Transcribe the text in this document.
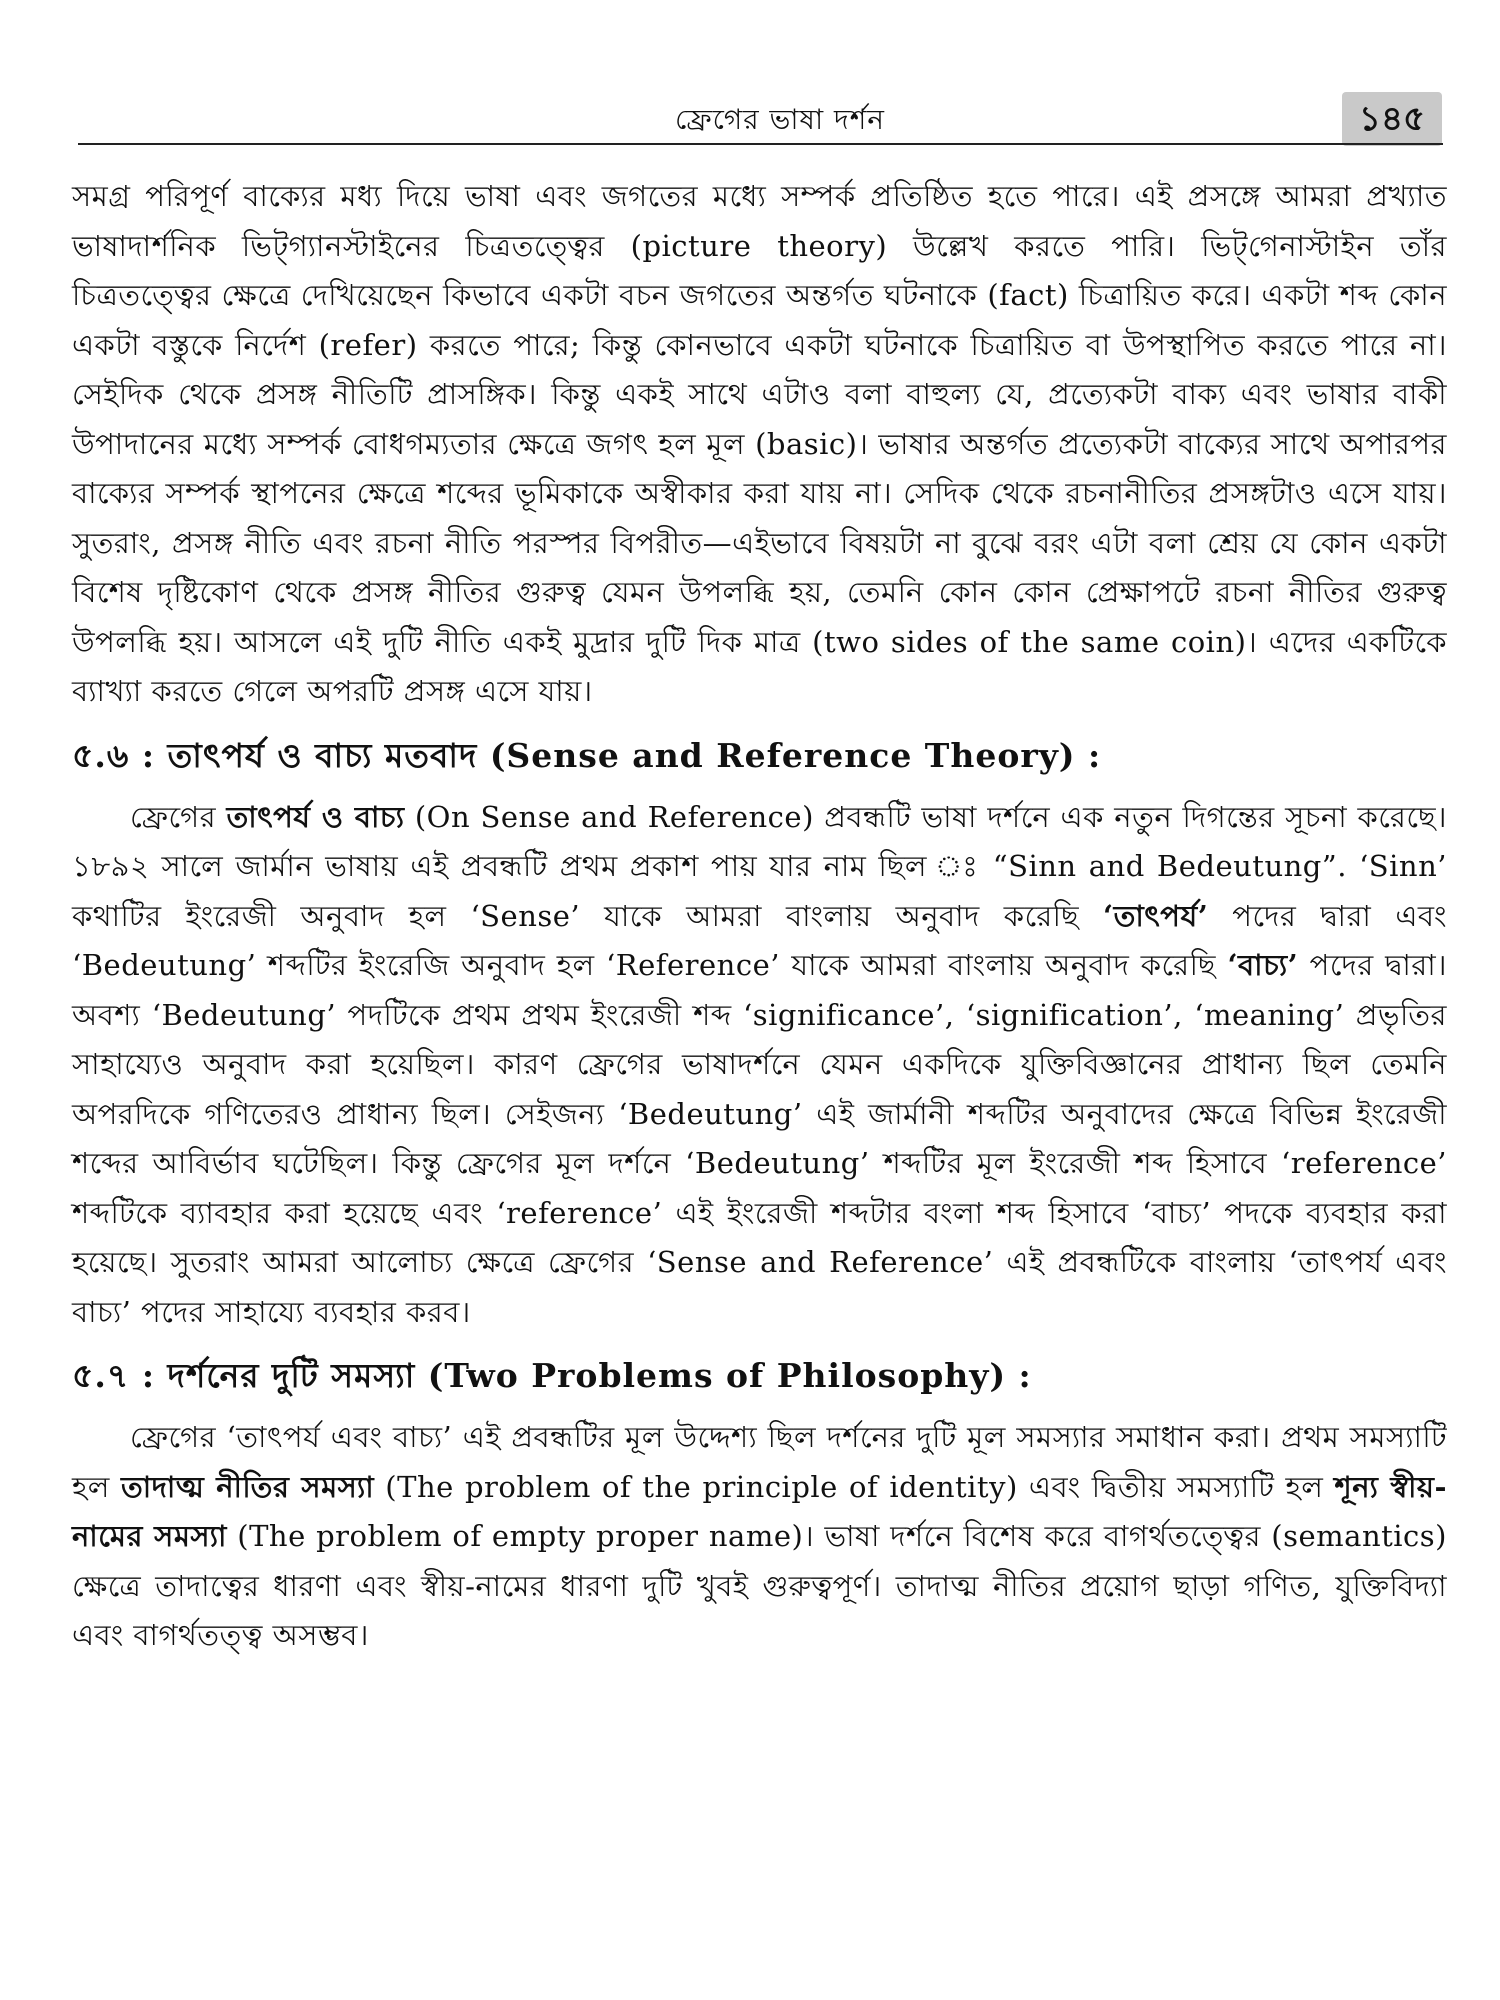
ফ্রেগের ভাষা দর্শন	১৪৫

সমগ্র পরিপূর্ণ বাক্যের মধ্য দিয়ে ভাষা এবং জগতের মধ্যে সম্পর্ক প্রতিষ্ঠিত হতে পারে। এই প্রসঙ্গে আমরা প্রখ্যাত ভাষাদার্শনিক ভিট্‌গ্যানস্টাইনের চিত্রতত্ত্বের (picture theory) উল্লেখ করতে পারি। ভিট্‌গেনাস্টাইন তাঁর চিত্রতত্ত্বের ক্ষেত্রে দেখিয়েছেন কিভাবে একটা বচন জগতের অন্তর্গত ঘটনাকে (fact) চিত্রায়িত করে। একটা শব্দ কোন একটা বস্তুকে নির্দেশ (refer) করতে পারে; কিন্তু কোনভাবে একটা ঘটনাকে চিত্রায়িত বা উপস্থাপিত করতে পারে না। সেইদিক থেকে প্রসঙ্গ নীতিটি প্রাসঙ্গিক। কিন্তু একই সাথে এটাও বলা বাহুল্য যে, প্রত্যেকটা বাক্য এবং ভাষার বাকী উপাদানের মধ্যে সম্পর্ক বোধগম্যতার ক্ষেত্রে জগৎ হল মূল (basic)। ভাষার অন্তর্গত প্রত্যেকটা বাক্যের সাথে অপারপর বাক্যের সম্পর্ক স্থাপনের ক্ষেত্রে শব্দের ভূমিকাকে অস্বীকার করা যায় না। সেদিক থেকে রচনানীতির প্রসঙ্গটাও এসে যায়। সুতরাং, প্রসঙ্গ নীতি এবং রচনা নীতি পরস্পর বিপরীত—এইভাবে বিষয়টা না বুঝে বরং এটা বলা শ্রেয় যে কোন একটা বিশেষ দৃষ্টিকোণ থেকে প্রসঙ্গ নীতির গুরুত্ব যেমন উপলব্ধি হয়, তেমনি কোন কোন প্রেক্ষাপটে রচনা নীতির গুরুত্ব উপলব্ধি হয়। আসলে এই দুটি নীতি একই মুদ্রার দুটি দিক মাত্র (two sides of the same coin)। এদের একটিকে ব্যাখ্যা করতে গেলে অপরটি প্রসঙ্গ এসে যায়।

৫.৬ : তাৎপর্য ও বাচ্য মতবাদ (Sense and Reference Theory) :

ফ্রেগের তাৎপর্য ও বাচ্য (On Sense and Reference) প্রবন্ধটি ভাষা দর্শনে এক নতুন দিগন্তের সূচনা করেছে। ১৮৯২ সালে জার্মান ভাষায় এই প্রবন্ধটি প্রথম প্রকাশ পায় যার নাম ছিল ঃ “Sinn and Bedeutung”. ‘Sinn’ কথাটির ইংরেজী অনুবাদ হল ‘Sense’ যাকে আমরা বাংলায় অনুবাদ করেছি ‘তাৎপর্য’ পদের দ্বারা এবং ‘Bedeutung’ শব্দটির ইংরেজি অনুবাদ হল ‘Reference’ যাকে আমরা বাংলায় অনুবাদ করেছি ‘বাচ্য’ পদের দ্বারা। অবশ্য ‘Bedeutung’ পদটিকে প্রথম প্রথম ইংরেজী শব্দ ‘significance’, ‘signification’, ‘meaning’ প্রভৃতির সাহায্যেও অনুবাদ করা হয়েছিল। কারণ ফ্রেগের ভাষাদর্শনে যেমন একদিকে যুক্তিবিজ্ঞানের প্রাধান্য ছিল তেমনি অপরদিকে গণিতেরও প্রাধান্য ছিল। সেইজন্য ‘Bedeutung’ এই জার্মানী শব্দটির অনুবাদের ক্ষেত্রে বিভিন্ন ইংরেজী শব্দের আবির্ভাব ঘটেছিল। কিন্তু ফ্রেগের মূল দর্শনে ‘Bedeutung’ শব্দটির মূল ইংরেজী শব্দ হিসাবে ‘reference’ শব্দটিকে ব্যাবহার করা হয়েছে এবং ‘reference’ এই ইংরেজী শব্দটার বংলা শব্দ হিসাবে ‘বাচ্য’ পদকে ব্যবহার করা হয়েছে। সুতরাং আমরা আলোচ্য ক্ষেত্রে ফ্রেগের ‘Sense and Reference’ এই প্রবন্ধটিকে বাংলায় ‘তাৎপর্য এবং বাচ্য’ পদের সাহায্যে ব্যবহার করব।

৫.৭ : দর্শনের দুটি সমস্যা (Two Problems of Philosophy) :

ফ্রেগের ‘তাৎপর্য এবং বাচ্য’ এই প্রবন্ধটির মূল উদ্দেশ্য ছিল দর্শনের দুটি মূল সমস্যার সমাধান করা। প্রথম সমস্যাটি হল তাদাত্ম নীতির সমস্যা (The problem of the principle of identity) এবং দ্বিতীয় সমস্যাটি হল শূন্য স্বীয়-নামের সমস্যা (The problem of empty proper name)। ভাষা দর্শনে বিশেষ করে বাগর্থতত্ত্বের (semantics) ক্ষেত্রে তাদাত্বের ধারণা এবং স্বীয়-নামের ধারণা দুটি খুবই গুরুত্বপূর্ণ। তাদাত্ম নীতির প্রয়োগ ছাড়া গণিত, যুক্তিবিদ্যা এবং বাগর্থতত্ত্ব অসম্ভব।
